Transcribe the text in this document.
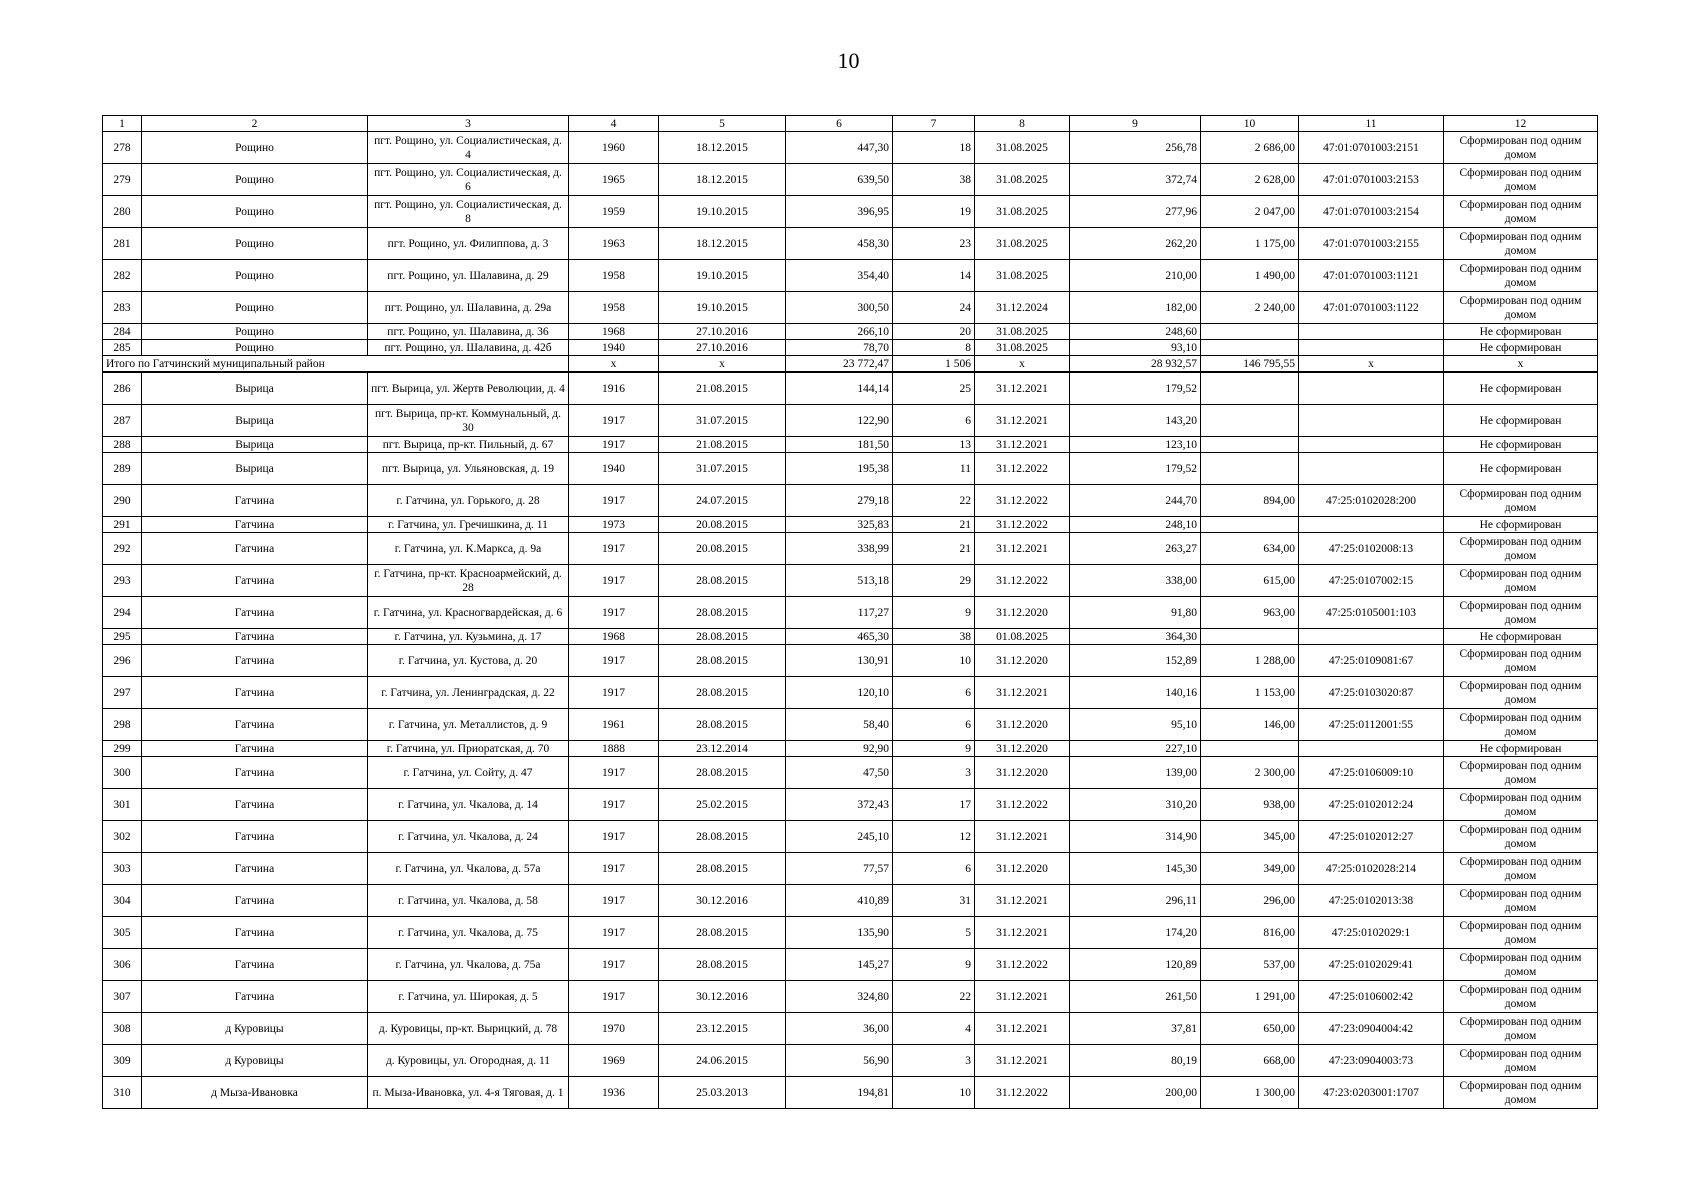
10
1	2	3	4	5	6	7	8	9	10	11	12
278	Рощино	пгт. Рощино, ул. Социалистическая, д. 4	1960	18.12.2015	447,30	18	31.08.2025	256,78	2 686,00	47:01:0701003:2151	Сформирован под одним домом
279	Рощино	пгт. Рощино, ул. Социалистическая, д. 6	1965	18.12.2015	639,50	38	31.08.2025	372,74	2 628,00	47:01:0701003:2153	Сформирован под одним домом
280	Рощино	пгт. Рощино, ул. Социалистическая, д. 8	1959	19.10.2015	396,95	19	31.08.2025	277,96	2 047,00	47:01:0701003:2154	Сформирован под одним домом
281	Рощино	пгт. Рощино, ул. Филиппова, д. 3	1963	18.12.2015	458,30	23	31.08.2025	262,20	1 175,00	47:01:0701003:2155	Сформирован под одним домом
282	Рощино	пгт. Рощино, ул. Шалавина, д. 29	1958	19.10.2015	354,40	14	31.08.2025	210,00	1 490,00	47:01:0701003:1121	Сформирован под одним домом
283	Рощино	пгт. Рощино, ул. Шалавина, д. 29а	1958	19.10.2015	300,50	24	31.12.2024	182,00	2 240,00	47:01:0701003:1122	Сформирован под одним домом
284	Рощино	пгт. Рощино, ул. Шалавина, д. 36	1968	27.10.2016	266,10	20	31.08.2025	248,60			Не сформирован
285	Рощино	пгт. Рощино, ул. Шалавина, д. 42б	1940	27.10.2016	78,70	8	31.08.2025	93,10			Не сформирован
Итого по Гатчинский муниципальный район			х	х	23 772,47	1 506	х	28 932,57	146 795,55	х	х
286	Вырица	пгт. Вырица, ул. Жертв Революции, д. 4	1916	21.08.2015	144,14	25	31.12.2021	179,52			Не сформирован
287	Вырица	пгт. Вырица, пр-кт. Коммунальный, д. 30	1917	31.07.2015	122,90	6	31.12.2021	143,20			Не сформирован
288	Вырица	пгт. Вырица, пр-кт. Пильный, д. 67	1917	21.08.2015	181,50	13	31.12.2021	123,10			Не сформирован
289	Вырица	пгт. Вырица, ул. Ульяновская, д. 19	1940	31.07.2015	195,38	11	31.12.2022	179,52			Не сформирован
290	Гатчина	г. Гатчина, ул. Горького, д. 28	1917	24.07.2015	279,18	22	31.12.2022	244,70	894,00	47:25:0102028:200	Сформирован под одним домом
291	Гатчина	г. Гатчина, ул. Гречишкина, д. 11	1973	20.08.2015	325,83	21	31.12.2022	248,10			Не сформирован
292	Гатчина	г. Гатчина, ул. К.Маркса, д. 9а	1917	20.08.2015	338,99	21	31.12.2021	263,27	634,00	47:25:0102008:13	Сформирован под одним домом
293	Гатчина	г. Гатчина, пр-кт. Красноармейский, д. 28	1917	28.08.2015	513,18	29	31.12.2022	338,00	615,00	47:25:0107002:15	Сформирован под одним домом
294	Гатчина	г. Гатчина, ул. Красногвардейская, д. 6	1917	28.08.2015	117,27	9	31.12.2020	91,80	963,00	47:25:0105001:103	Сформирован под одним домом
295	Гатчина	г. Гатчина, ул. Кузьмина, д. 17	1968	28.08.2015	465,30	38	01.08.2025	364,30			Не сформирован
296	Гатчина	г. Гатчина, ул. Кустова, д. 20	1917	28.08.2015	130,91	10	31.12.2020	152,89	1 288,00	47:25:0109081:67	Сформирован под одним домом
297	Гатчина	г. Гатчина, ул. Ленинградская, д. 22	1917	28.08.2015	120,10	6	31.12.2021	140,16	1 153,00	47:25:0103020:87	Сформирован под одним домом
298	Гатчина	г. Гатчина, ул. Металлистов, д. 9	1961	28.08.2015	58,40	6	31.12.2020	95,10	146,00	47:25:0112001:55	Сформирован под одним домом
299	Гатчина	г. Гатчина, ул. Приоратская, д. 70	1888	23.12.2014	92,90	9	31.12.2020	227,10			Не сформирован
300	Гатчина	г. Гатчина, ул. Сойту, д. 47	1917	28.08.2015	47,50	3	31.12.2020	139,00	2 300,00	47:25:0106009:10	Сформирован под одним домом
301	Гатчина	г. Гатчина, ул. Чкалова, д. 14	1917	25.02.2015	372,43	17	31.12.2022	310,20	938,00	47:25:0102012:24	Сформирован под одним домом
302	Гатчина	г. Гатчина, ул. Чкалова, д. 24	1917	28.08.2015	245,10	12	31.12.2021	314,90	345,00	47:25:0102012:27	Сформирован под одним домом
303	Гатчина	г. Гатчина, ул. Чкалова, д. 57а	1917	28.08.2015	77,57	6	31.12.2020	145,30	349,00	47:25:0102028:214	Сформирован под одним домом
304	Гатчина	г. Гатчина, ул. Чкалова, д. 58	1917	30.12.2016	410,89	31	31.12.2021	296,11	296,00	47:25:0102013:38	Сформирован под одним домом
305	Гатчина	г. Гатчина, ул. Чкалова, д. 75	1917	28.08.2015	135,90	5	31.12.2021	174,20	816,00	47:25:0102029:1	Сформирован под одним домом
306	Гатчина	г. Гатчина, ул. Чкалова, д. 75а	1917	28.08.2015	145,27	9	31.12.2022	120,89	537,00	47:25:0102029:41	Сформирован под одним домом
307	Гатчина	г. Гатчина, ул. Широкая, д. 5	1917	30.12.2016	324,80	22	31.12.2021	261,50	1 291,00	47:25:0106002:42	Сформирован под одним домом
308	д Куровицы	д. Куровицы, пр-кт. Вырицкий, д. 78	1970	23.12.2015	36,00	4	31.12.2021	37,81	650,00	47:23:0904004:42	Сформирован под одним домом
309	д Куровицы	д. Куровицы, ул. Огородная, д. 11	1969	24.06.2015	56,90	3	31.12.2021	80,19	668,00	47:23:0904003:73	Сформирован под одним домом
310	д Мыза-Ивановка	п. Мыза-Ивановка, ул. 4-я Тяговая, д. 1	1936	25.03.2013	194,81	10	31.12.2022	200,00	1 300,00	47:23:0203001:1707	Сформирован под одним домом
